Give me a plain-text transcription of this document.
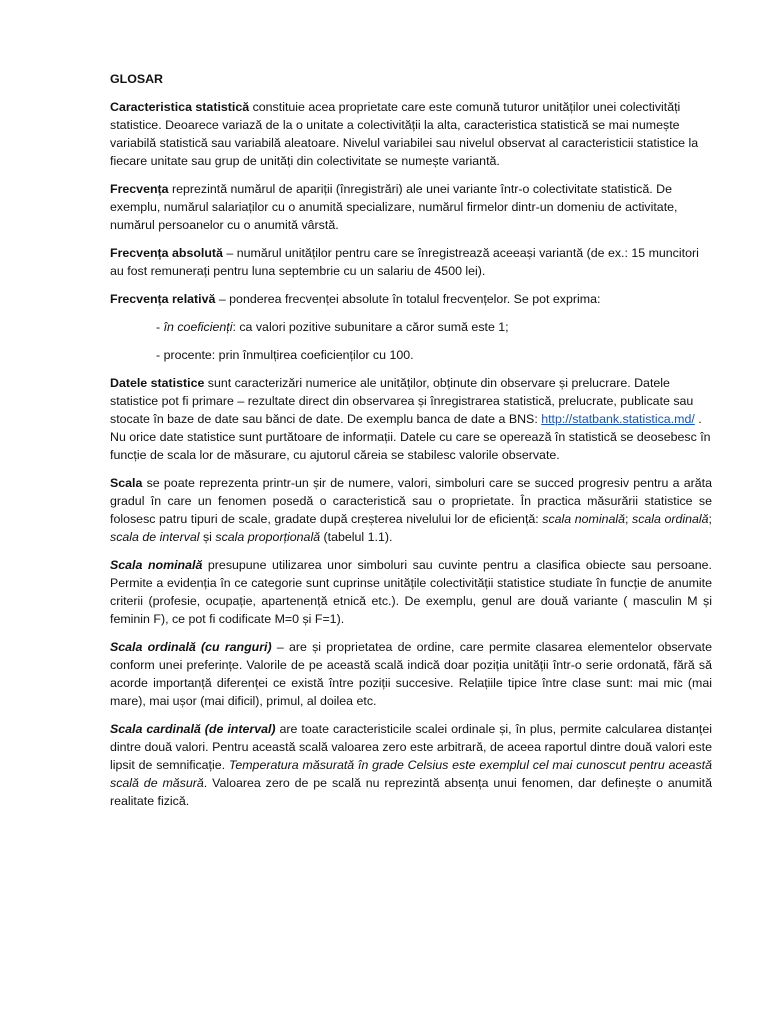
GLOSAR

Caracteristica statistică constituie acea proprietate care este comună tuturor unităților unei colectivități statistice. Deoarece variază de la o unitate a colectivității la alta, caracteristica statistică se mai numește variabilă statistică sau variabilă aleatoare. Nivelul variabilei sau nivelul observat al caracteristicii statistice la fiecare unitate sau grup de unități din colectivitate se numește variantă.

Frecvența reprezintă numărul de apariții (înregistrări) ale unei variante într-o colectivitate statistică. De exemplu, numărul salariaților cu o anumită specializare, numărul firmelor dintr-un domeniu de activitate, numărul persoanelor cu o anumită vârstă.

Frecvența absolută – numărul unităților pentru care se înregistrează aceeași variantă (de ex.: 15 muncitori au fost remunerați pentru luna septembrie cu un salariu de 4500 lei).

Frecvența relativă – ponderea frecvenței absolute în totalul frecvențelor. Se pot exprima:

- în coeficienți: ca valori pozitive subunitare a căror sumă este 1;
- procente: prin înmulțirea coeficienților cu 100.

Datele statistice sunt caracterizări numerice ale unităților, obținute din observare și prelucrare. Datele statistice pot fi primare – rezultate direct din observarea și înregistrarea statistică, prelucrate, publicate sau stocate în baze de date sau bănci de date. De exemplu banca de date a BNS: http://statbank.statistica.md/ . Nu orice date statistice sunt purtătoare de informații. Datele cu care se operează în statistică se deosebesc în funcție de scala lor de măsurare, cu ajutorul căreia se stabilesc valorile observate.

Scala se poate reprezenta printr-un șir de numere, valori, simboluri care se succed progresiv pentru a arăta gradul în care un fenomen posedă o caracteristică sau o proprietate. În practica măsurării statistice se folosesc patru tipuri de scale, gradate după creșterea nivelului lor de eficiență: scala nominală; scala ordinală; scala de interval și scala proporțională (tabelul 1.1).

Scala nominală presupune utilizarea unor simboluri sau cuvinte pentru a clasifica obiecte sau persoane. Permite a evidenția în ce categorie sunt cuprinse unitățile colectivității statistice studiate în funcție de anumite criterii (profesie, ocupație, apartenență etnică etc.). De exemplu, genul are două variante ( masculin M și feminin F), ce pot fi codificate M=0 și F=1).

Scala ordinală (cu ranguri) – are și proprietatea de ordine, care permite clasarea elementelor observate conform unei preferințe. Valorile de pe această scală indică doar poziția unității într-o serie ordonată, fără să acorde importanță diferenței ce există între poziții succesive. Relațiile tipice între clase sunt: mai mic (mai mare), mai ușor (mai dificil), primul, al doilea etc.

Scala cardinală (de interval) are toate caracteristicile scalei ordinale și, în plus, permite calcularea distanței dintre două valori. Pentru această scală valoarea zero este arbitrară, de aceea raportul dintre două valori este lipsit de semnificație. Temperatura măsurată în grade Celsius este exemplul cel mai cunoscut pentru această scală de măsură. Valoarea zero de pe scală nu reprezintă absența unui fenomen, dar definește o anumită realitate fizică.
